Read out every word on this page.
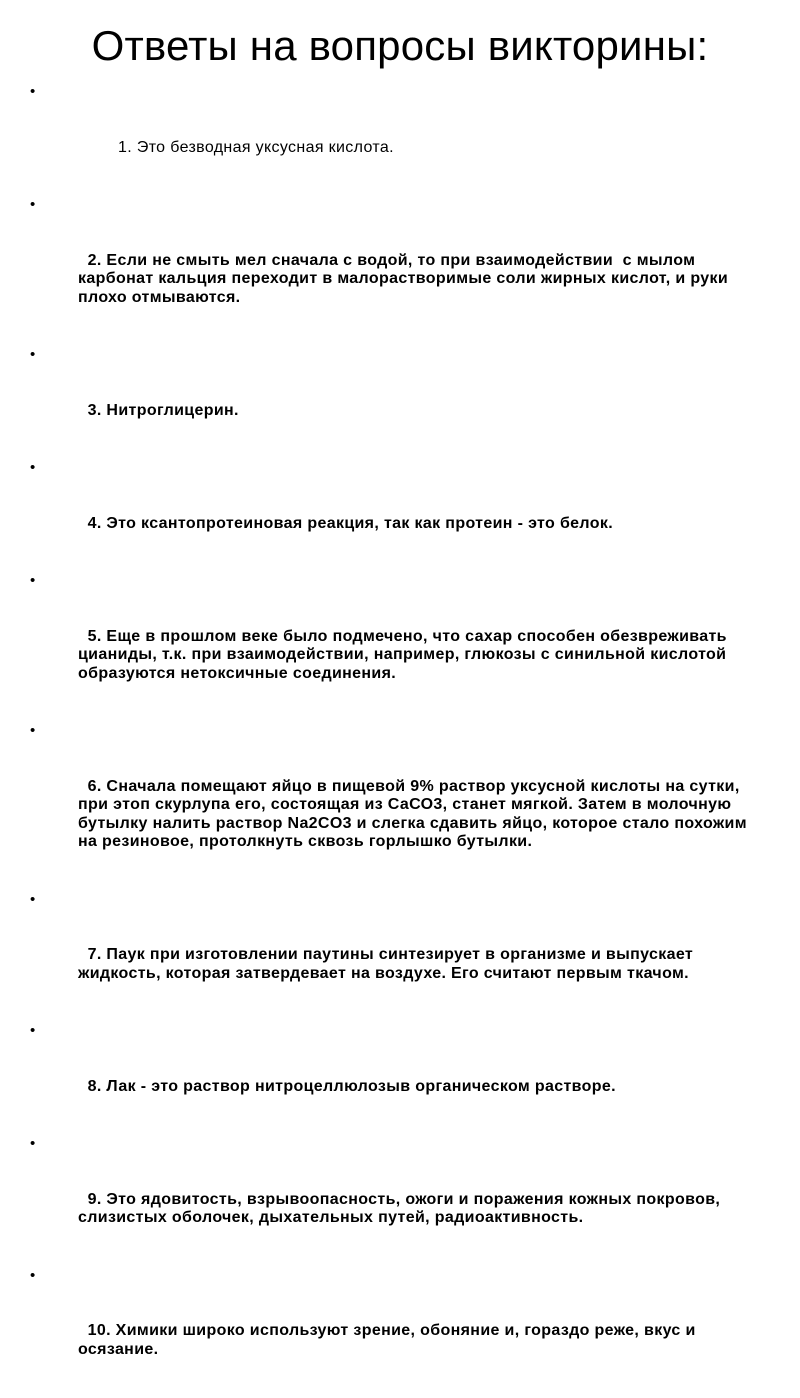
Ответы на вопросы викторины:

•

1. Это безводная уксусная кислота.

•

2. Если не смыть мел сначала с водой, то при взаимодействии  с мылом карбонат кальция переходит в малорастворимые соли жирных кислот, и руки плохо отмываются.

•

3. Нитроглицерин.

•

4. Это ксантопротеиновая реакция, так как протеин - это белок.

•

5. Еще в прошлом веке было подмечено, что сахар способен обезвреживать цианиды, т.к. при взаимодействии, например, глюкозы с синильной кислотой образуются нетоксичные соединения.

•

6. Сначала помещают яйцо в пищевой 9% раствор уксусной кислоты на сутки, при этоп скурлупа его, состоящая из СаСО3, станет мягкой. Затем в молочную бутылку налить раствор Na2CO3 и слегка сдавить яйцо, которое стало похожим на резиновое, протолкнуть сквозь горлышко бутылки.

•

7. Паук при изготовлении паутины синтезирует в организме и выпускает жидкость, которая затвердевает на воздухе. Его считают первым ткачом.

•

8. Лак - это раствор нитроцеллюлозыв органическом растворе.

•

9. Это ядовитость, взрывоопасность, ожоги и поражения кожных покровов, слизистых оболочек, дыхательных путей, радиоактивность.

•

10. Химики широко используют зрение, обоняние и, гораздо реже, вкус и осязание.
